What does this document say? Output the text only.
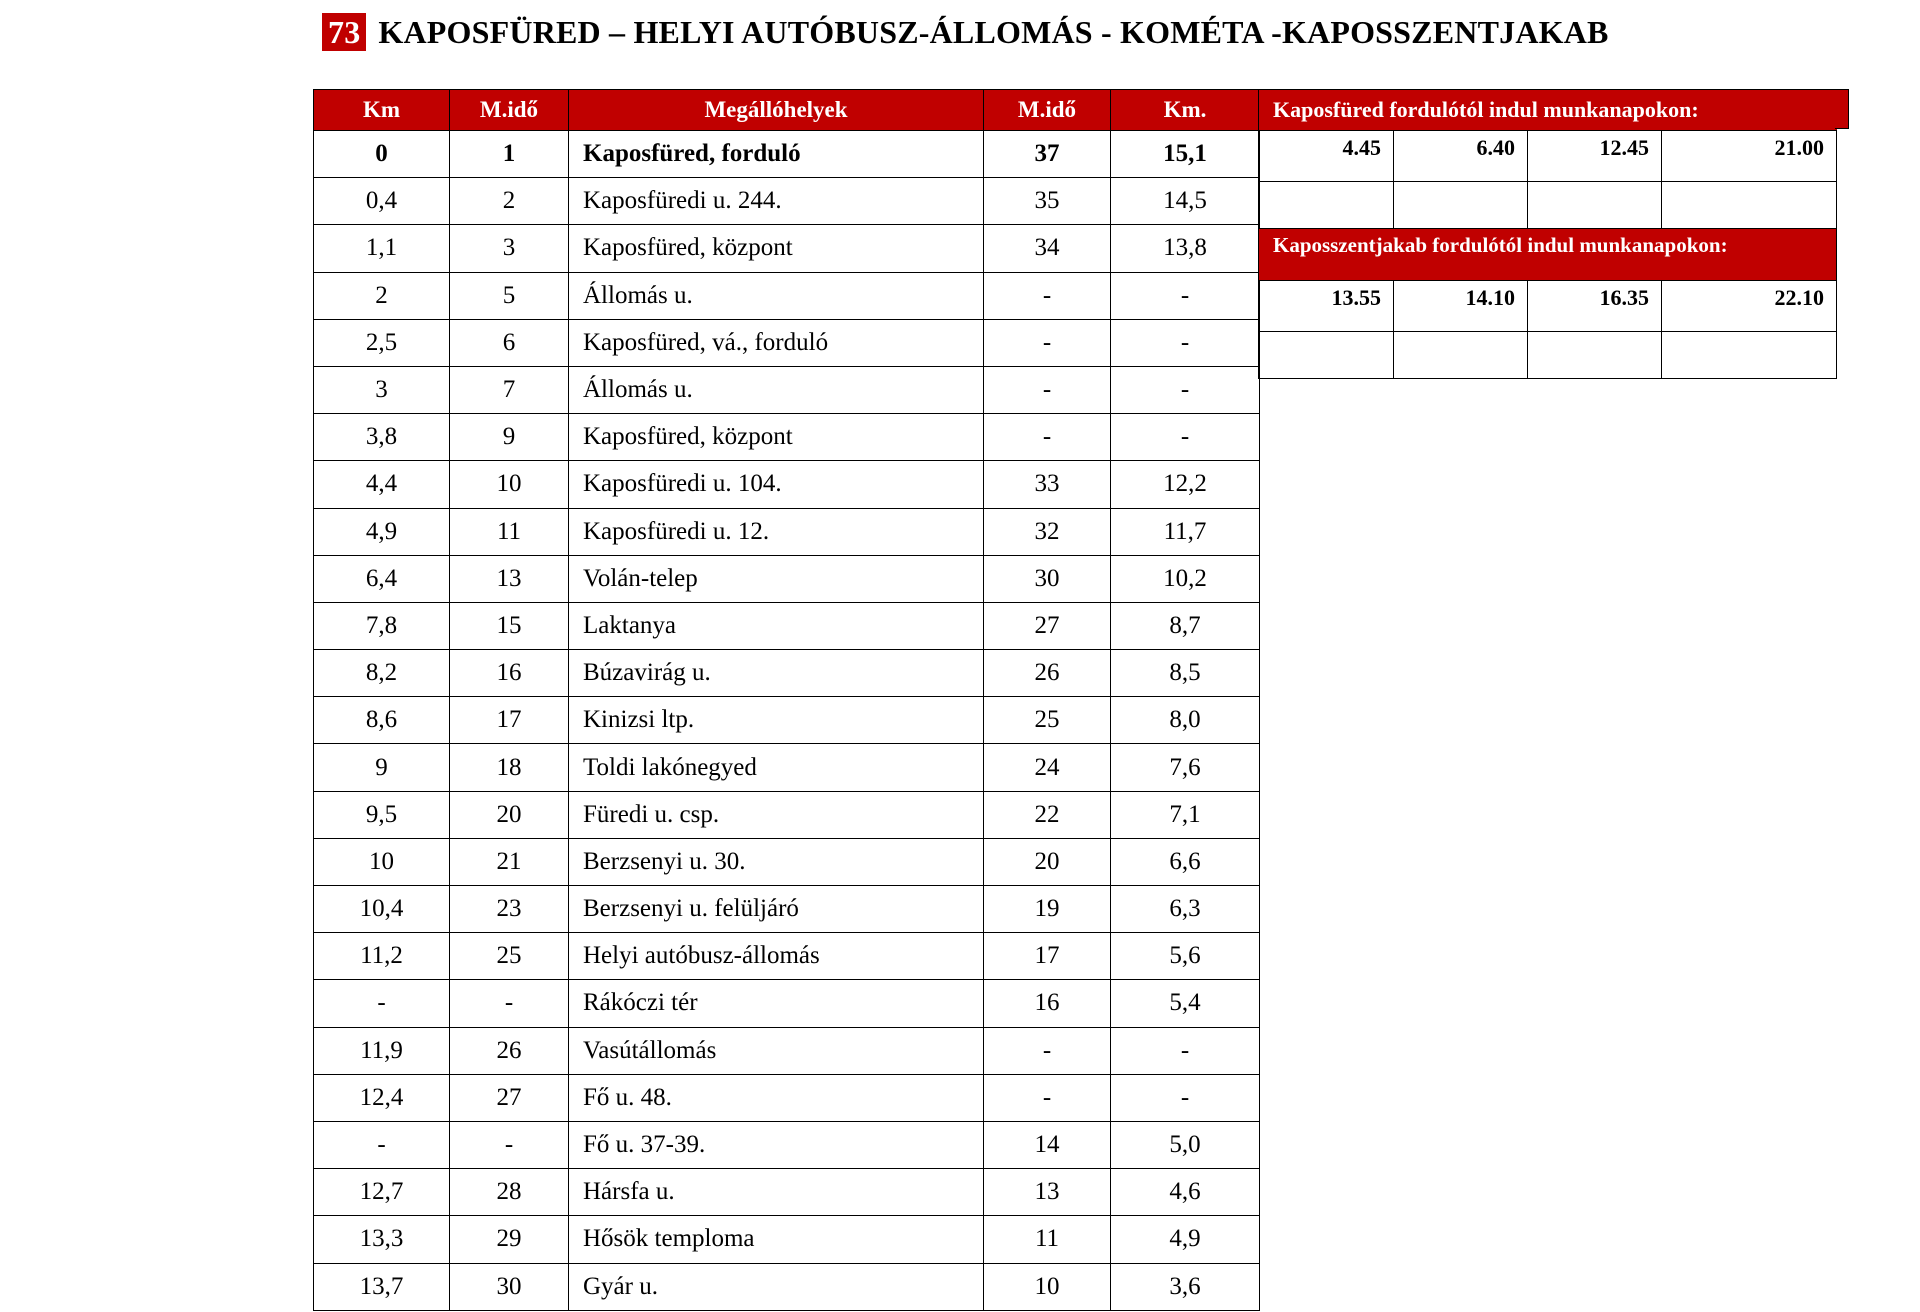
73 KAPOSFÜRED – HELYI AUTÓBUSZ-ÁLLOMÁS - KOMÉTA -KAPOSSZENTJAKAB
Km	M.idő	Megállóhelyek	M.idő	Km.
0	1	Kaposfüred, forduló	37	15,1
0,4	2	Kaposfüredi u. 244.	35	14,5
1,1	3	Kaposfüred, központ	34	13,8
2	5	Állomás u.	-	-
2,5	6	Kaposfüred, vá., forduló	-	-
3	7	Állomás u.	-	-
3,8	9	Kaposfüred, központ	-	-
4,4	10	Kaposfüredi u. 104.	33	12,2
4,9	11	Kaposfüredi u. 12.	32	11,7
6,4	13	Volán-telep	30	10,2
7,8	15	Laktanya	27	8,7
8,2	16	Búzavirág u.	26	8,5
8,6	17	Kinizsi ltp.	25	8,0
9	18	Toldi lakónegyed	24	7,6
9,5	20	Füredi u. csp.	22	7,1
10	21	Berzsenyi u. 30.	20	6,6
10,4	23	Berzsenyi u. felüljáró	19	6,3
11,2	25	Helyi autóbusz-állomás	17	5,6
-	-	Rákóczi tér	16	5,4
11,9	26	Vasútállomás	-	-
12,4	27	Fő u. 48.	-	-
-	-	Fő u. 37-39.	14	5,0
12,7	28	Hársfa u.	13	4,6
13,3	29	Hősök temploma	11	4,9
13,7	30	Gyár u.	10	3,6
Kaposfüred fordulótól indul munkanapokon:			
4.45	6.40	12.45	21.00

Kaposszentjakab fordulótól indul munkanapokon:			
13.55	14.10	16.35	22.10
